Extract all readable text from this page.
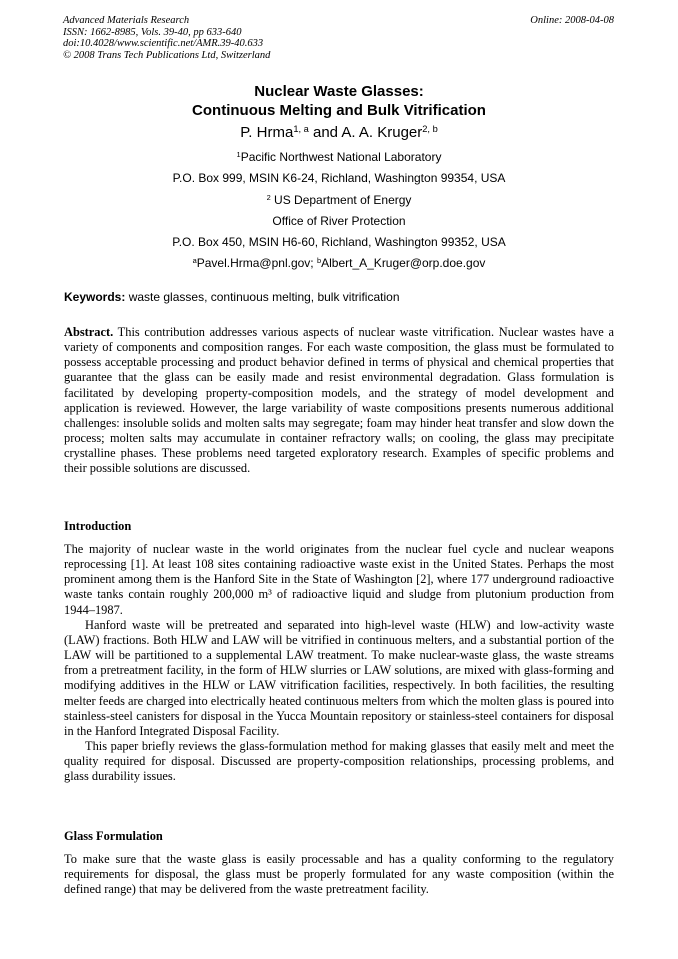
Advanced Materials Research
ISSN: 1662-8985, Vols. 39-40, pp 633-640
doi:10.4028/www.scientific.net/AMR.39-40.633
© 2008 Trans Tech Publications Ltd, Switzerland
Online: 2008-04-08
Nuclear Waste Glasses:
Continuous Melting and Bulk Vitrification
P. Hrma$^{1, a}$ and A. A. Kruger$^{2, b}$
$^1$Pacific Northwest National Laboratory
P.O. Box 999, MSIN K6-24, Richland, Washington 99354, USA
$^2$ US Department of Energy
Office of River Protection
P.O. Box 450, MSIN H6-60, Richland, Washington 99352, USA
$^a$Pavel.Hrma@pnl.gov; $^b$Albert_A_Kruger@orp.doe.gov
Keywords: waste glasses, continuous melting, bulk vitrification

Abstract. This contribution addresses various aspects of nuclear waste vitrification. Nuclear wastes have a variety of components and composition ranges. For each waste composition, the glass must be formulated to possess acceptable processing and product behavior defined in terms of physical and chemical properties that guarantee that the glass can be easily made and resist environmental degradation. Glass formulation is facilitated by developing property-composition models, and the strategy of model development and application is reviewed. However, the large variability of waste compositions presents numerous additional challenges: insoluble solids and molten salts may segregate; foam may hinder heat transfer and slow down the process; molten salts may accumulate in container refractory walls; on cooling, the glass may precipitate crystalline phases. These problems need targeted exploratory research. Examples of specific problems and their possible solutions are discussed.

Introduction

The majority of nuclear waste in the world originates from the nuclear fuel cycle and nuclear weapons reprocessing [1]. At least 108 sites containing radioactive waste exist in the United States. Perhaps the most prominent among them is the Hanford Site in the State of Washington [2], where 177 underground radioactive waste tanks contain roughly 200,000 m³ of radioactive liquid and sludge from plutonium production from 1944–1987.

Hanford waste will be pretreated and separated into high-level waste (HLW) and low-activity waste (LAW) fractions. Both HLW and LAW will be vitrified in continuous melters, and a substantial portion of the LAW will be partitioned to a supplemental LAW treatment. To make nuclear-waste glass, the waste streams from a pretreatment facility, in the form of HLW slurries or LAW solutions, are mixed with glass-forming and modifying additives in the HLW or LAW vitrification facilities, respectively. In both facilities, the resulting melter feeds are charged into electrically heated continuous melters from which the molten glass is poured into stainless-steel canisters for disposal in the Yucca Mountain repository or stainless-steel containers for disposal in the Hanford Integrated Disposal Facility.

This paper briefly reviews the glass-formulation method for making glasses that easily melt and meet the quality required for disposal. Discussed are property-composition relationships, processing problems, and glass durability issues.

Glass Formulation

To make sure that the waste glass is easily processable and has a quality conforming to the regulatory requirements for disposal, the glass must be properly formulated for any waste composition (within the defined range) that may be delivered from the waste pretreatment facility.
